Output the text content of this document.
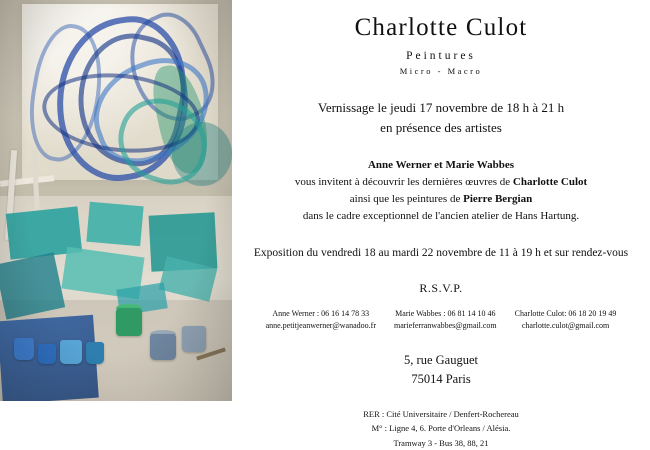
Charlotte Culot
Peintures
Micro - Macro
Vernissage le jeudi 17 novembre de 18 h à 21 h
en présence des artistes
Anne Werner et Marie Wabbes
vous invitent à découvrir les dernières œuvres de Charlotte Culot
ainsi que les peintures de Pierre Bergian
dans le cadre exceptionnel de l'ancien atelier de Hans Hartung.
Exposition du vendredi 18 au mardi 22 novembre de 11 à 19 h et sur rendez-vous
R.S.V.P.
Anne Werner : 06 16 14 78 33
anne.petitjeanwerner@wanadoo.fr
Marie Wabbes : 06 81 14 10 46
marieferranwabbes@gmail.com
Charlotte Culot: 06 18 20 19 49
charlotte.culot@gmail.com
5, rue Gauguet
75014 Paris
RER : Cité Universitaire / Denfert-Rochereau
M° : Ligne 4, 6. Porte d'Orleans / Alésia.
Tramway 3 - Bus 38, 88, 21
